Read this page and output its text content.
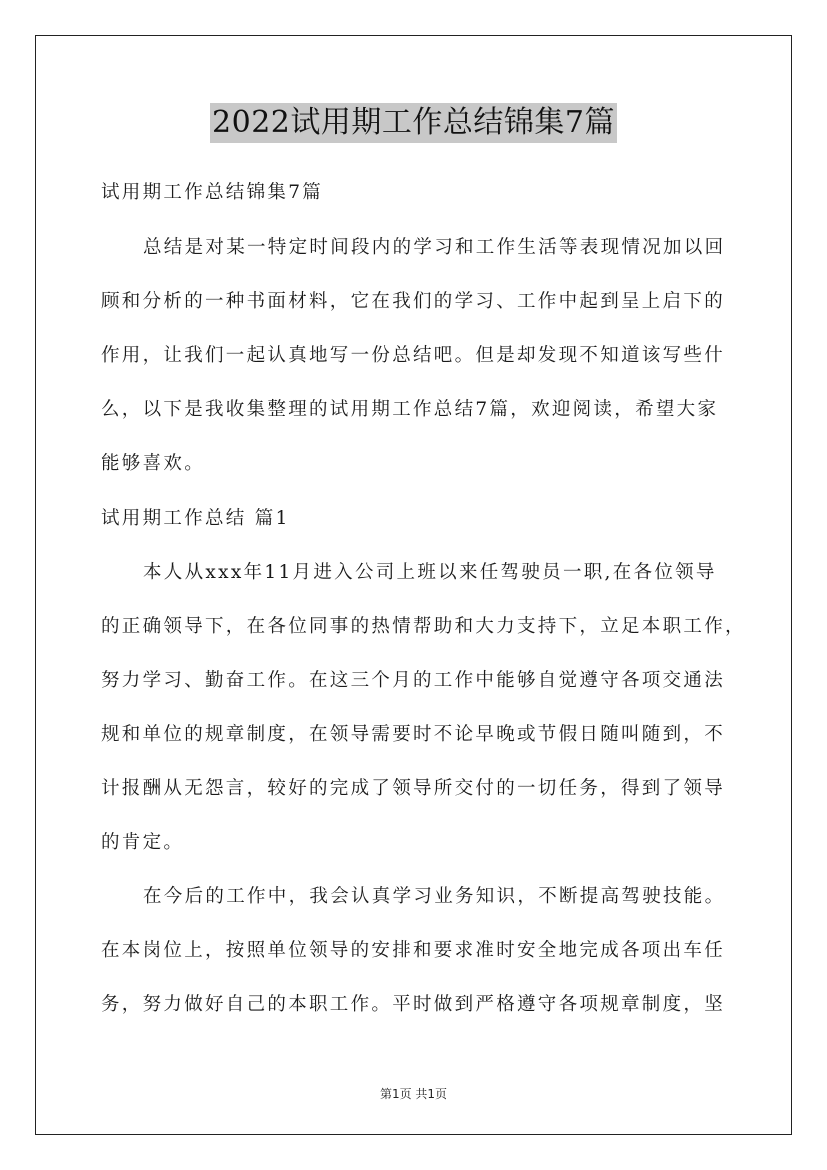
2022试用期工作总结锦集7篇
试用期工作总结锦集7篇
总结是对某一特定时间段内的学习和工作生活等表现情况加以回
顾和分析的一种书面材料，它在我们的学习、工作中起到呈上启下的
作用，让我们一起认真地写一份总结吧。但是却发现不知道该写些什
么，以下是我收集整理的试用期工作总结7篇，欢迎阅读，希望大家
能够喜欢。
试用期工作总结 篇1
本人从xxx年11月进入公司上班以来任驾驶员一职,在各位领导
的正确领导下，在各位同事的热情帮助和大力支持下，立足本职工作，
努力学习、勤奋工作。在这三个月的工作中能够自觉遵守各项交通法
规和单位的规章制度，在领导需要时不论早晚或节假日随叫随到，不
计报酬从无怨言，较好的完成了领导所交付的一切任务，得到了领导
的肯定。
在今后的工作中，我会认真学习业务知识，不断提高驾驶技能。
在本岗位上，按照单位领导的安排和要求准时安全地完成各项出车任
务，努力做好自己的本职工作。平时做到严格遵守各项规章制度，坚
第1页 共1页
